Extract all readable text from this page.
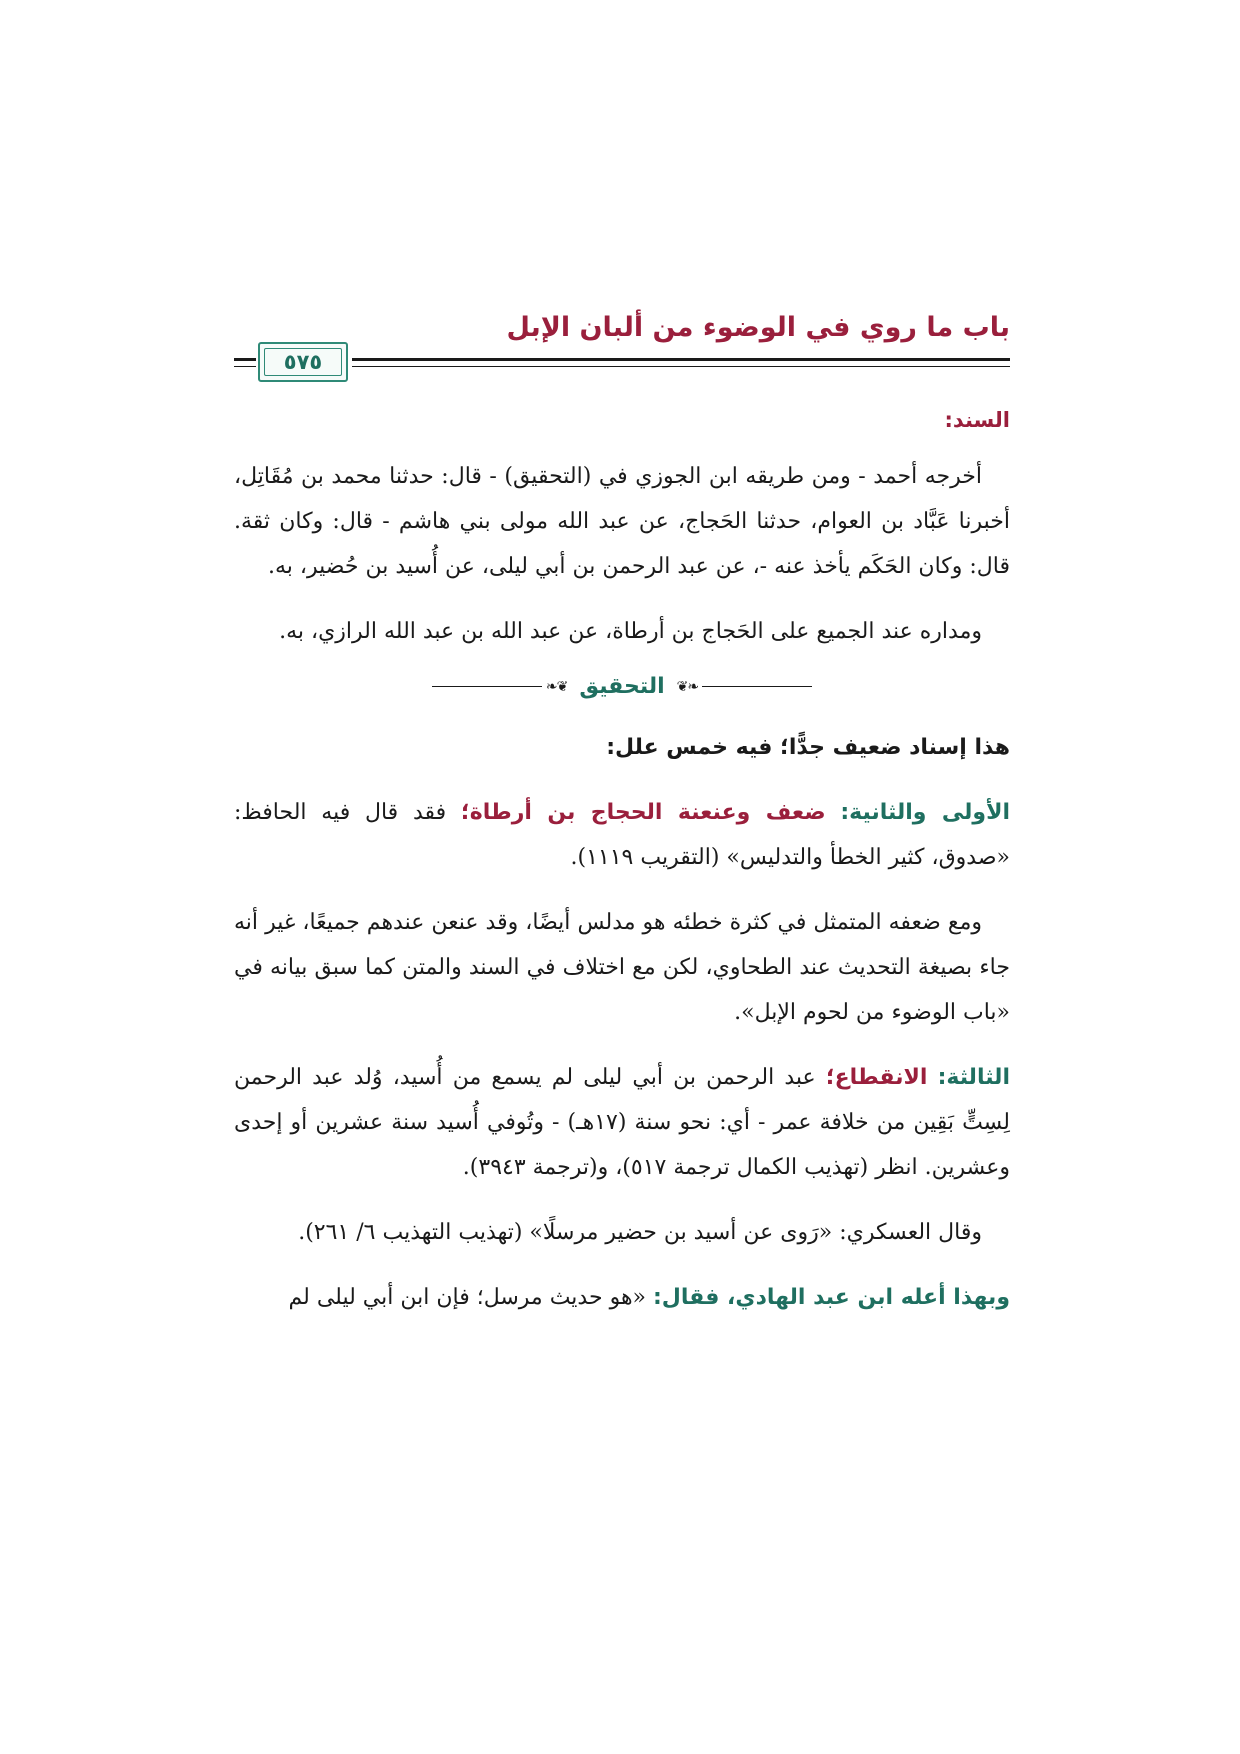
باب ما روي في الوضوء من ألبان الإبل
٥٧٥
السند:

أخرجه أحمد - ومن طريقه ابن الجوزي في (التحقيق) - قال: حدثنا محمد بن مُقَاتِل، أخبرنا عَبَّاد بن العوام، حدثنا الحَجاج، عن عبد الله مولى بني هاشم - قال: وكان ثقة. قال: وكان الحَكَم يأخذ عنه -، عن عبد الرحمن بن أبي ليلى، عن أُسيد بن حُضير، به.

ومداره عند الجميع على الحَجاج بن أرطاة، عن عبد الله بن عبد الله الرازي، به.

❧❦
التحقيق
❦❧

هذا إسناد ضعيف جدًّا؛ فيه خمس علل:

الأولى والثانية: ضعف وعنعنة الحجاج بن أرطاة؛ فقد قال فيه الحافظ: «صدوق، كثير الخطأ والتدليس» (التقريب ١١١٩).

ومع ضعفه المتمثل في كثرة خطئه هو مدلس أيضًا، وقد عنعن عندهم جميعًا، غير أنه جاء بصيغة التحديث عند الطحاوي، لكن مع اختلاف في السند والمتن كما سبق بيانه في «باب الوضوء من لحوم الإبل».

الثالثة: الانقطاع؛ عبد الرحمن بن أبي ليلى لم يسمع من أُسيد، وُلد عبد الرحمن لِسِتٍّ بَقِين من خلافة عمر - أي: نحو سنة (١٧هـ) - وتُوفي أُسيد سنة عشرين أو إحدى وعشرين. انظر (تهذيب الكمال ترجمة ٥١٧)، و(ترجمة ٣٩٤٣).

وقال العسكري: «رَوى عن أسيد بن حضير مرسلًا» (تهذيب التهذيب ٦/ ٢٦١).

وبهذا أعله ابن عبد الهادي، فقال: «هو حديث مرسل؛ فإن ابن أبي ليلى لم
